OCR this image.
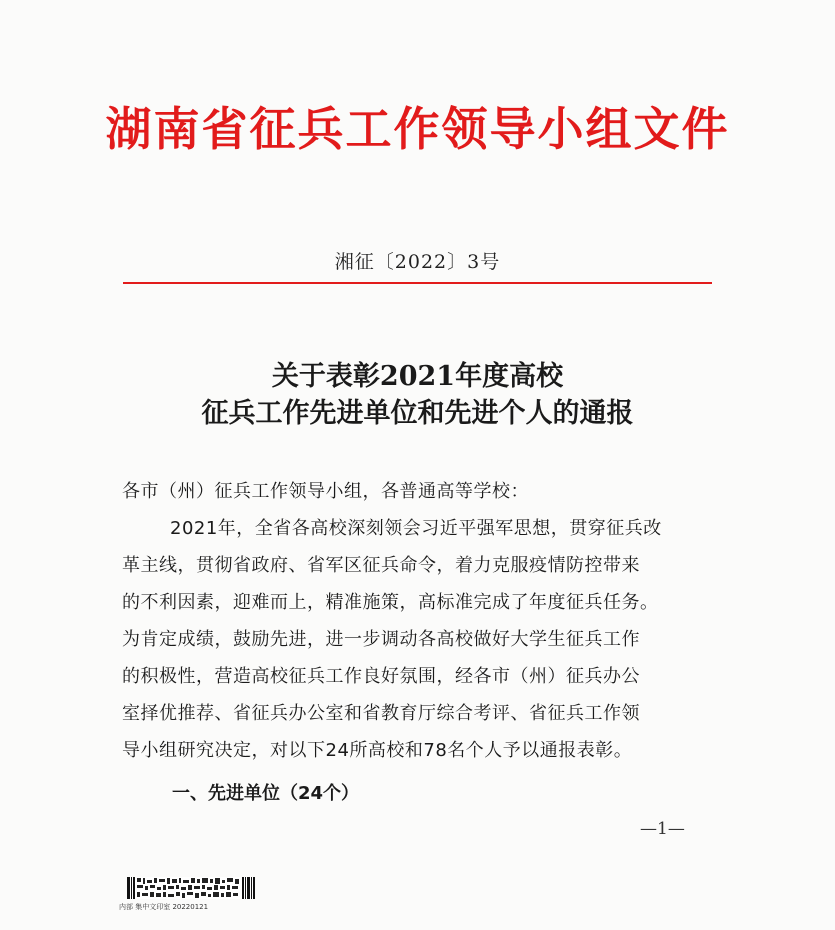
湖南省征兵工作领导小组文件
湘征〔2022〕3号
关于表彰2021年度高校
征兵工作先进单位和先进个人的通报
各市（州）征兵工作领导小组，各普通高等学校：
2021年，全省各高校深刻领会习近平强军思想，贯穿征兵改
革主线，贯彻省政府、省军区征兵命令，着力克服疫情防控带来
的不利因素，迎难而上，精准施策，高标准完成了年度征兵任务。
为肯定成绩，鼓励先进，进一步调动各高校做好大学生征兵工作
的积极性，营造高校征兵工作良好氛围，经各市（州）征兵办公
室择优推荐、省征兵办公室和省教育厅综合考评、省征兵工作领
导小组研究决定，对以下24所高校和78名个人予以通报表彰。
一、先进单位（24个）
—1—
内部 集中文印室 20220121
